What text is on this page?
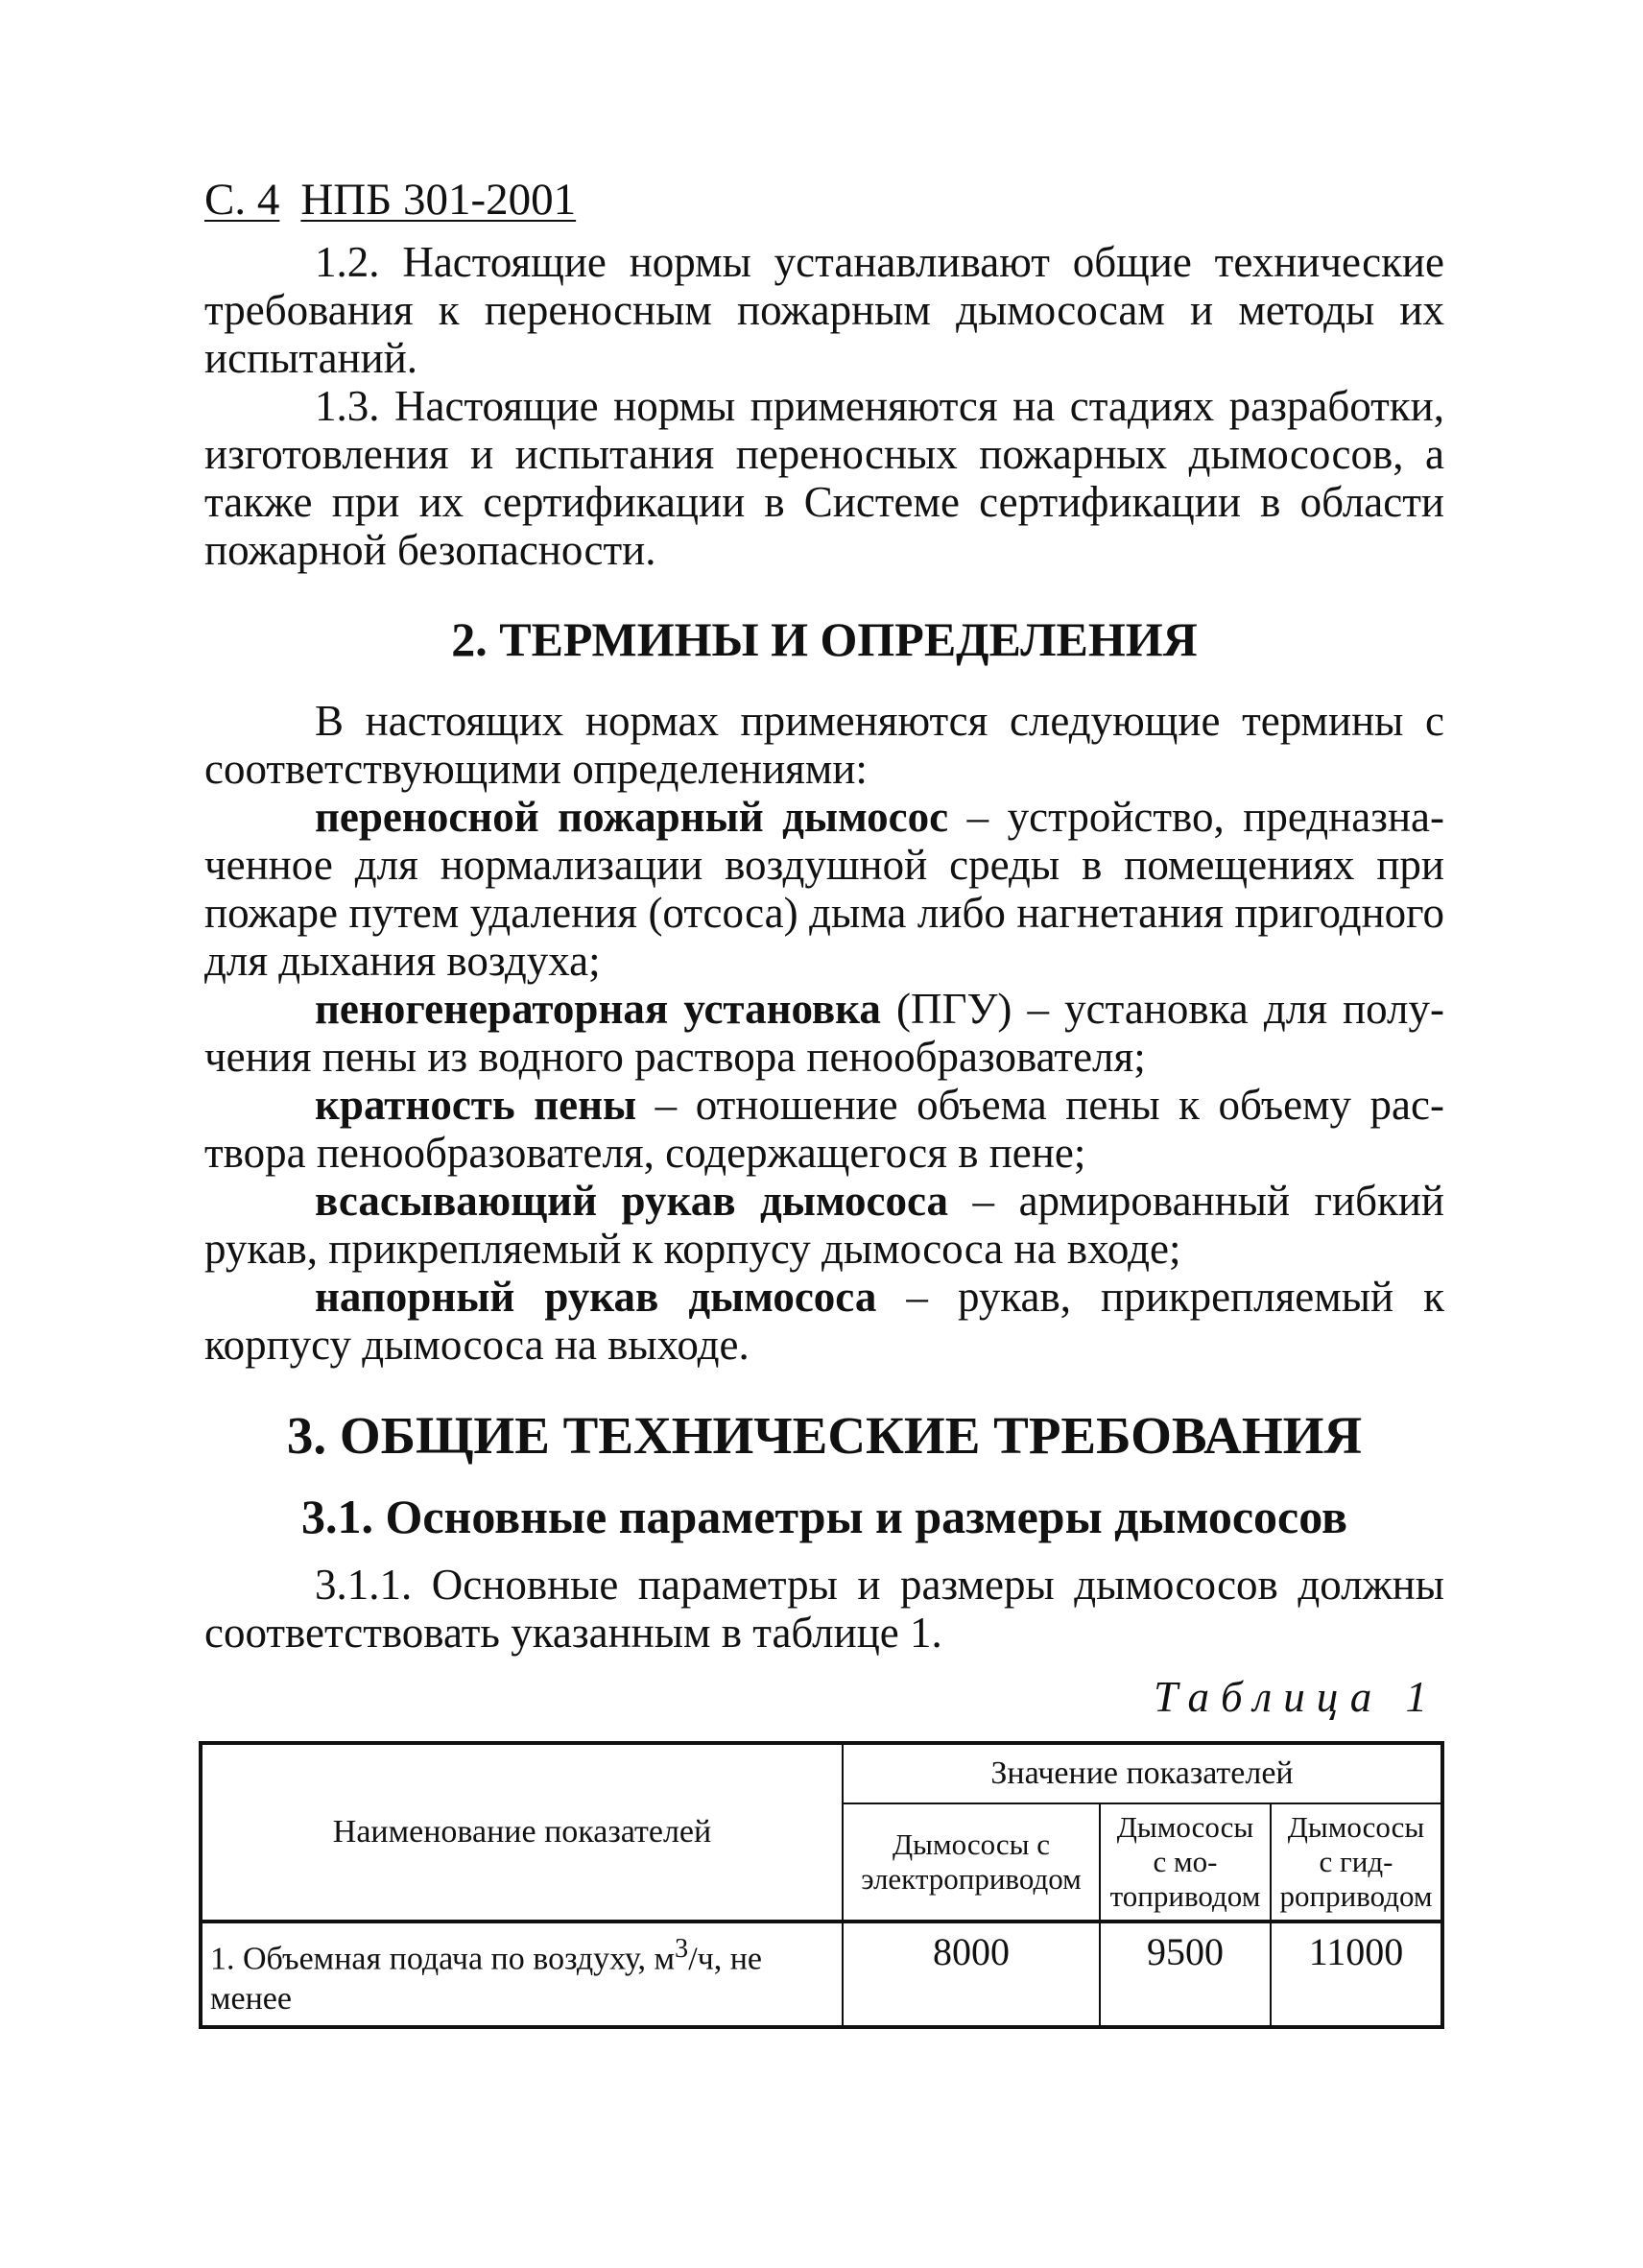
С. 4 НПБ 301-2001

1.2. Настоящие нормы устанавливают общие технические требования к переносным пожарным дымососам и методы их испытаний.

1.3. Настоящие нормы применяются на стадиях разработки, изготовления и испытания переносных пожарных дымососов, а также при их сертификации в Системе сертификации в области пожарной безопасности.

2. ТЕРМИНЫ И ОПРЕДЕЛЕНИЯ

В настоящих нормах применяются следующие термины с соответствующими определениями:

переносной пожарный дымосос – устройство, предназначенное для нормализации воздушной среды в помещениях при пожаре путем удаления (отсоса) дыма либо нагнетания пригодного для дыхания воздуха;

пеногенераторная установка (ПГУ) – установка для получения пены из водного раствора пенообразователя;

кратность пены – отношение объема пены к объему раствора пенообразователя, содержащегося в пене;

всасывающий рукав дымососа – армированный гибкий рукав, прикрепляемый к корпусу дымососа на входе;

напорный рукав дымососа – рукав, прикрепляемый к корпусу дымососа на выходе.

3. ОБЩИЕ ТЕХНИЧЕСКИЕ ТРЕБОВАНИЯ
3.1. Основные параметры и размеры дымососов

3.1.1. Основные параметры и размеры дымососов должны соответствовать указанным в таблице 1.

Таблица 1
Наименование показателей	Значение показателей		
	Дымососы с электроприводом	Дымососы с мотоприводом	Дымососы с гидроприводом
1. Объемная подача по воздуху, $м^3/ч$, не менее	8000	9500	11000
